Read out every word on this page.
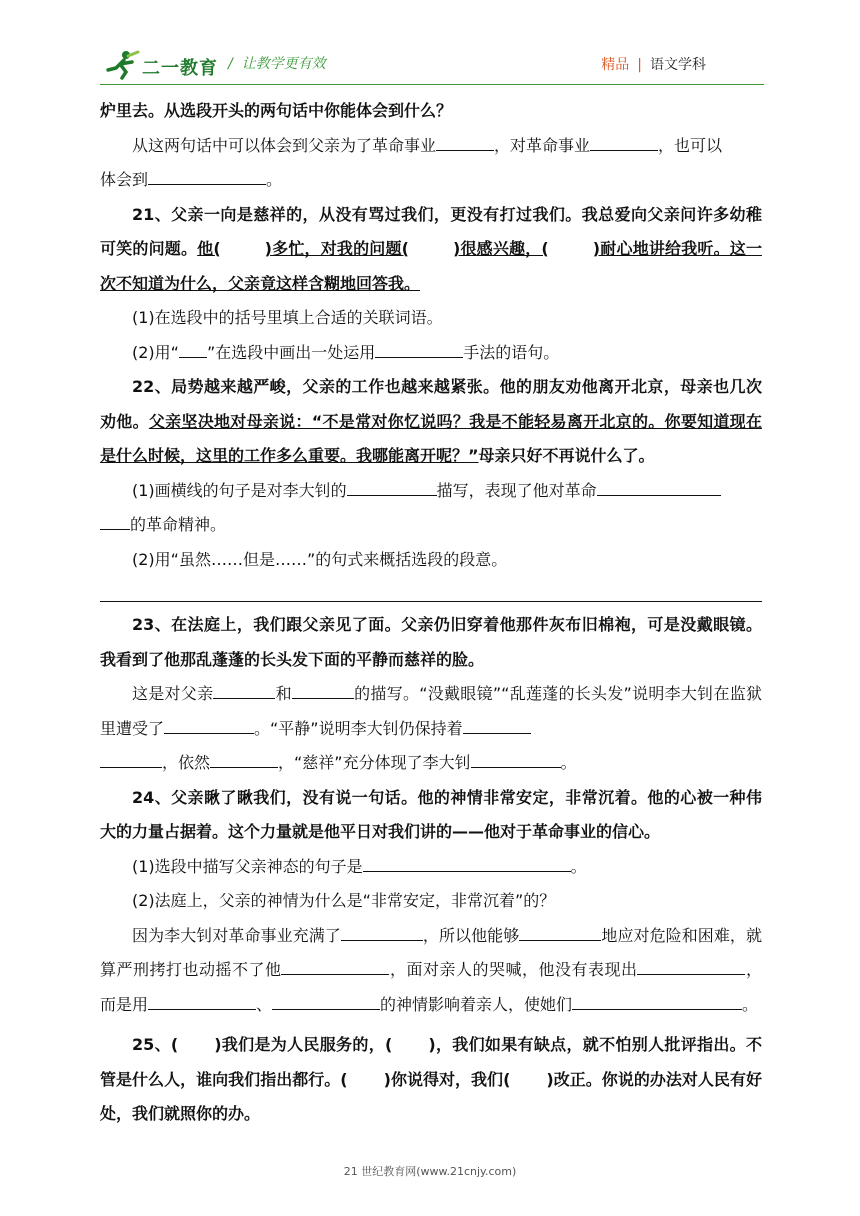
二一教育 /  让教学更有效	精品 | 语文学科

炉里去。从选段开头的两句话中你能体会到什么？

从这两句话中可以体会到父亲为了革命事业	，对革命事业	，也可以
体会到	。

21、父亲一向是慈祥的，从没有骂过我们，更没有打过我们。我总爱向父亲问许多幼稚可笑的问题。他(	)多忙，对我的问题(	)很感兴趣，(	)耐心地讲给我听。这一次不知道为什么，父亲竟这样含糊地回答我。

(1)在选段中的括号里填上合适的关联词语。

(2)用“ ”在选段中画出一处运用	手法的语句。

22、局势越来越严峻，父亲的工作也越来越紧张。他的朋友劝他离开北京，母亲也几次劝他。父亲坚决地对母亲说：“不是常对你忆说吗？我是不能轻易离开北京的。你要知道现在是什么时候，这里的工作多么重要。我哪能离开呢？”母亲只好不再说什么了。

(1)画横线的句子是对李大钊的	描写，表现了他对革命
的革命精神。

(2)用“虽然……但是……”的句式来概括选段的段意。

23、在法庭上，我们跟父亲见了面。父亲仍旧穿着他那件灰布旧棉袍，可是没戴眼镜。我看到了他那乱蓬蓬的长头发下面的平静而慈祥的脸。

这是对父亲	和	的描写。“没戴眼镜”“乱莲蓬的长头发”说明李大钊在监狱里遭受了	。“平静”说明李大钊仍保持着
，依然	，“慈祥”充分体现了李大钊	。

24、父亲瞅了瞅我们，没有说一句话。他的神情非常安定，非常沉着。他的心被一种伟大的力量占据着。这个力量就是他平日对我们讲的——他对于革命事业的信心。

(1)选段中描写父亲神态的句子是	。

(2)法庭上，父亲的神情为什么是“非常安定，非常沉着”的？

因为李大钊对革命事业充满了	，所以他能够	地应对危险和困难，就算严刑拷打也动摇不了他	，面对亲人的哭喊，他没有表现出	，而是用	、	的神情影响着亲人，使她们	。

25、( )我们是为人民服务的，( )，我们如果有缺点，就不怕别人批评指出。不管是什么人，谁向我们指出都行。( )你说得对，我们( )改正。你说的办法对人民有好处，我们就照你的办。

21 世纪教育网(www.21cnjy.com)
